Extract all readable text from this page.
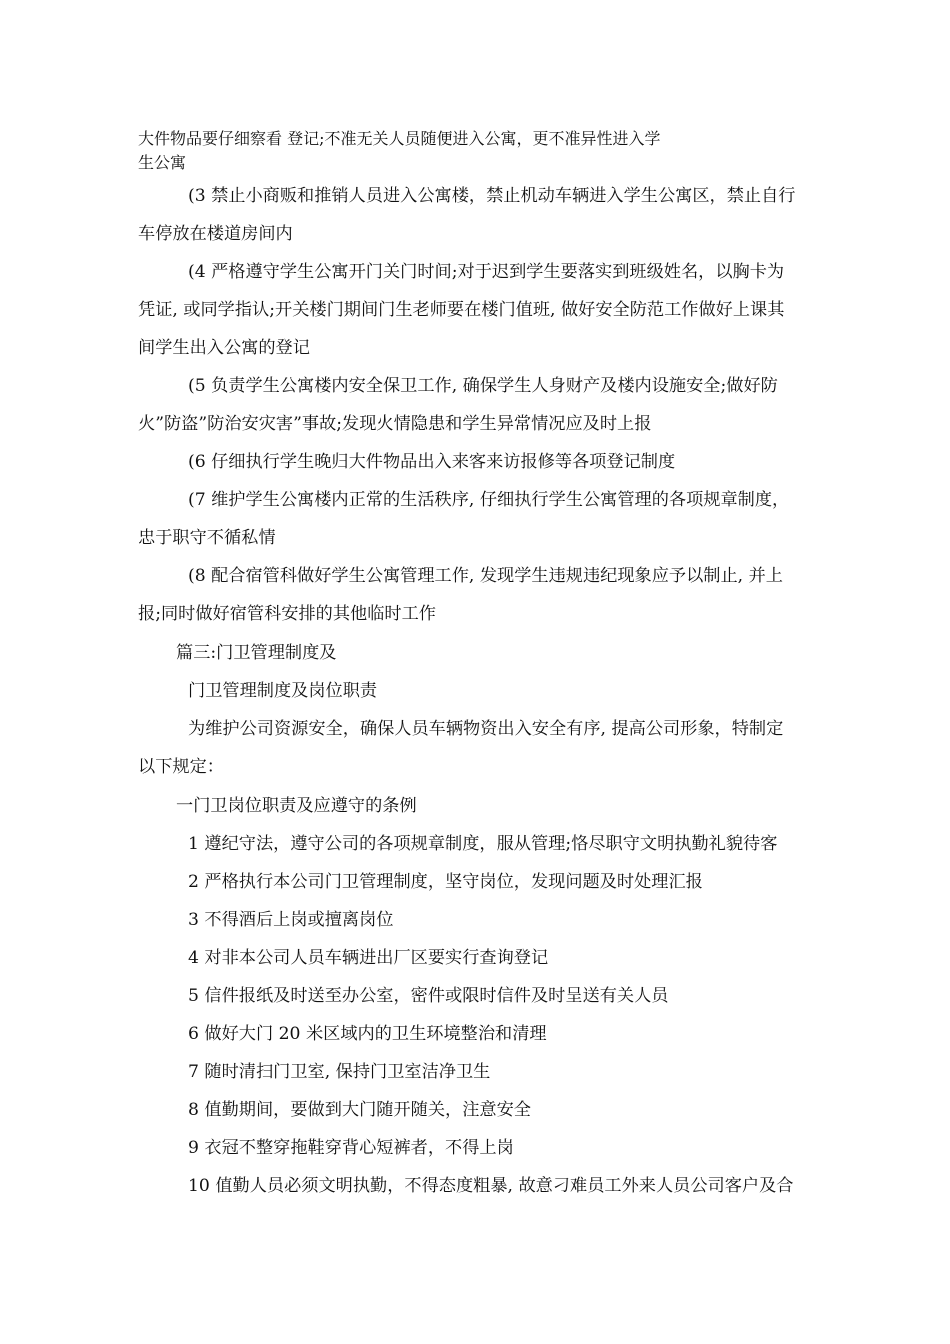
大件物品要仔细察看 登记;不准无关人员随便进入公寓，更不准异性进入学
生公寓
(3 禁止小商贩和推销人员进入公寓楼，禁止机动车辆进入学生公寓区，禁止自行
车停放在楼道房间内
(4 严格遵守学生公寓开门关门时间;对于迟到学生要落实到班级姓名，以胸卡为
凭证, 或同学指认;开关楼门期间门生老师要在楼门值班, 做好安全防范工作做好上课其
间学生出入公寓的登记
(5 负责学生公寓楼内安全保卫工作, 确保学生人身财产及楼内设施安全;做好防
火”防盗”防治安灾害”事故;发现火情隐患和学生异常情况应及时上报
(6 仔细执行学生晚归大件物品出入来客来访报修等各项登记制度
(7 维护学生公寓楼内正常的生活秩序, 仔细执行学生公寓管理的各项规章制度，
忠于职守不循私情
(8 配合宿管科做好学生公寓管理工作, 发现学生违规违纪现象应予以制止, 并上
报;同时做好宿管科安排的其他临时工作
篇三:门卫管理制度及
门卫管理制度及岗位职责
为维护公司资源安全，确保人员车辆物资出入安全有序, 提高公司形象，特制定
以下规定：
一门卫岗位职责及应遵守的条例
1 遵纪守法，遵守公司的各项规章制度，服从管理;恪尽职守文明执勤礼貌待客
2 严格执行本公司门卫管理制度，坚守岗位，发现问题及时处理汇报
3 不得酒后上岗或擅离岗位
4 对非本公司人员车辆进出厂区要实行查询登记
5 信件报纸及时送至办公室，密件或限时信件及时呈送有关人员
6 做好大门 20 米区域内的卫生环境整治和清理
7 随时清扫门卫室, 保持门卫室洁净卫生
8 值勤期间，要做到大门随开随关，注意安全
9 衣冠不整穿拖鞋穿背心短裤者，不得上岗
10 值勤人员必须文明执勤，不得态度粗暴, 故意刁难员工外来人员公司客户及合
